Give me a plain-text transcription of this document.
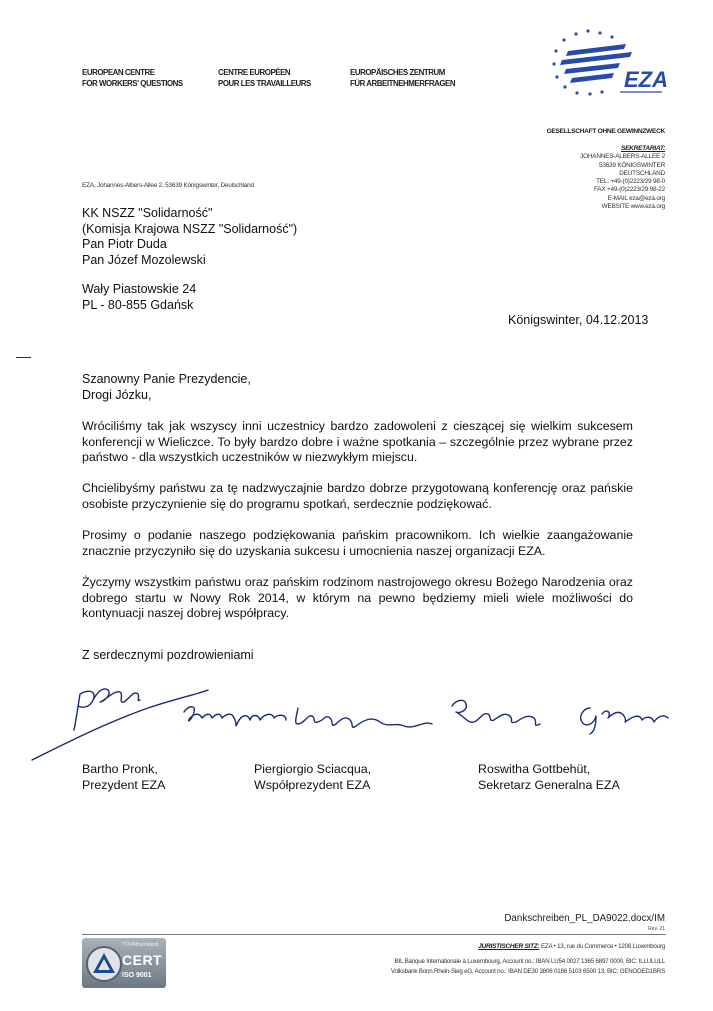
EUROPEAN CENTRE
FOR WORKERS' QUESTIONS
CENTRE EUROPÉEN
POUR LES TRAVAILLEURS
EUROPÄISCHES ZENTRUM
FÜR ARBEITNEHMERFRAGEN	EZA
GESELLSCHAFT OHNE GEWINNZWECK
SEKRETARIAT:
JOHANNES-ALBERS-ALLEE 2
53639 KÖNIGSWINTER
DEUTSCHLAND
TEL. +49-(0)2223/29 98-0
FAX +49-(0)2223/29 98-22
E-MAIL eza@eza.org
WEBSITE www.eza.org
EZA, Johannes-Albers-Allee 2, 53639 Königswinter, Deutschland
KK NSZZ "Solidarność"
(Komisja Krajowa NSZZ "Solidarność")
Pan Piotr Duda
Pan Józef Mozolewski
Wały Piastowskie 24
PL - 80-855 Gdańsk
Königswinter, 04.12.2013
Szanowny Panie Prezydencie,
Drogi Józku,
Wróciliśmy tak jak wszyscy inni uczestnicy bardzo zadowoleni z cieszącej się wielkim sukcesem konferencji w Wieliczce. To były bardzo dobre i ważne spotkania – szczególnie przez wybrane przez państwo - dla wszystkich uczestników w niezwykłym miejscu.
Chcielibyśmy państwu za tę nadzwyczajnie bardzo dobrze przygotowaną konferencję oraz pańskie osobiste przyczynienie się do programu spotkań, serdecznie podziękować.
Prosimy o podanie naszego podziękowania pańskim pracownikom. Ich wielkie zaangażowanie znacznie przyczyniło się do uzyskania sukcesu i umocnienia naszej organizacji EZA.
Życzymy wszystkim państwu oraz pańskim rodzinom nastrojowego okresu Bożego Narodzenia oraz dobrego startu w Nowy Rok 2014, w którym na pewno będziemy mieli wiele możliwości do kontynuacji naszej dobrej współpracy.
Z serdecznymi pozdrowieniami
Bartho Pronk,
Prezydent EZA
Piergiorgio Sciacqua,
Współprezydent EZA
Roswitha Gottbehüt,
Sekretarz Generalna EZA
Dankschreiben_PL_DA9022.docx/IM
Rev. 21
TÜVRheinland
CERT
ISO 9001
JURISTISCHER SITZ: EZA • 13, rue du Commerce • 1208 Luxembourg
BIL Banque Internationale à Luxembourg, Account no.: IBAN LU54 0027 1365 6897 0000, BIC: ILLULULL
Volksbank Bonn Rhein-Sieg eG, Account no.: IBAN DE30 3806 0186 5103 6500 13, BIC: GENODED1BRS
